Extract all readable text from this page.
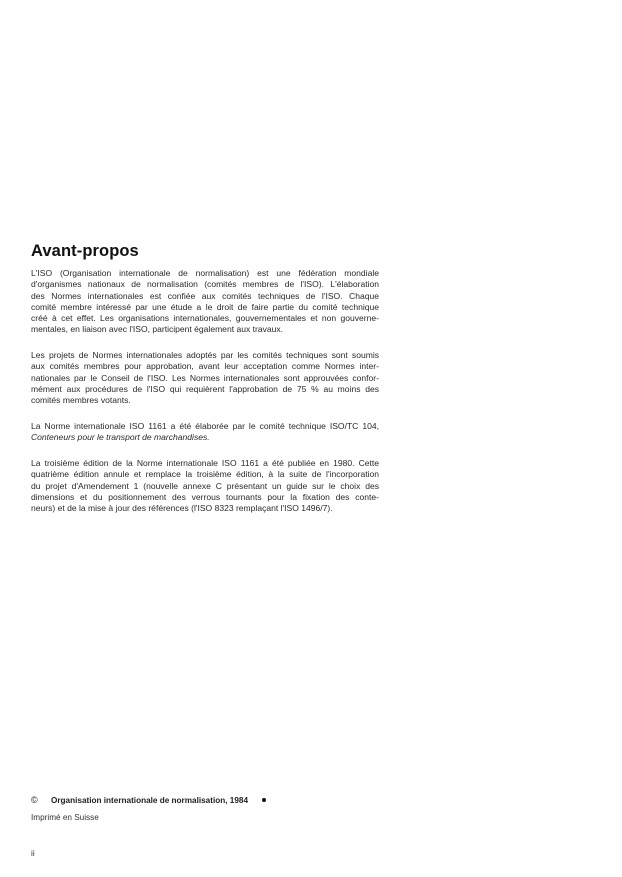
Avant-propos
L'ISO (Organisation internationale de normalisation) est une fédération mondiale
d'organismes nationaux de normalisation (comités membres de l'ISO). L'élaboration
des Normes internationales est confiée aux comités techniques de l'ISO. Chaque
comité membre intéressé par une étude a le droit de faire partie du comité technique
créé à cet effet. Les organisations internationales, gouvernementales et non gouverne-
mentales, en liaison avec l'ISO, participent également aux travaux.
Les projets de Normes internationales adoptés par les comités techniques sont soumis
aux comités membres pour approbation, avant leur acceptation comme Normes inter-
nationales par le Conseil de l'ISO. Les Normes internationales sont approuvées confor-
mément aux procédures de l'ISO qui requièrent l'approbation de 75 % au moins des
comités membres votants.
La Norme internationale ISO 1161 a été élaborée par le comité technique ISO/TC 104,
Conteneurs pour le transport de marchandises.
La troisième édition de la Norme internationale ISO 1161 a été publiée en 1980. Cette
quatrième édition annule et remplace la troisième édition, à la suite de l'incorporation
du projet d'Amendement 1 (nouvelle annexe C présentant un guide sur le choix des
dimensions et du positionnement des verrous tournants pour la fixation des conte-
neurs) et de la mise à jour des références (l'ISO 8323 remplaçant l'ISO 1496/7).
©	Organisation internationale de normalisation, 1984
Imprimé en Suisse
ii
